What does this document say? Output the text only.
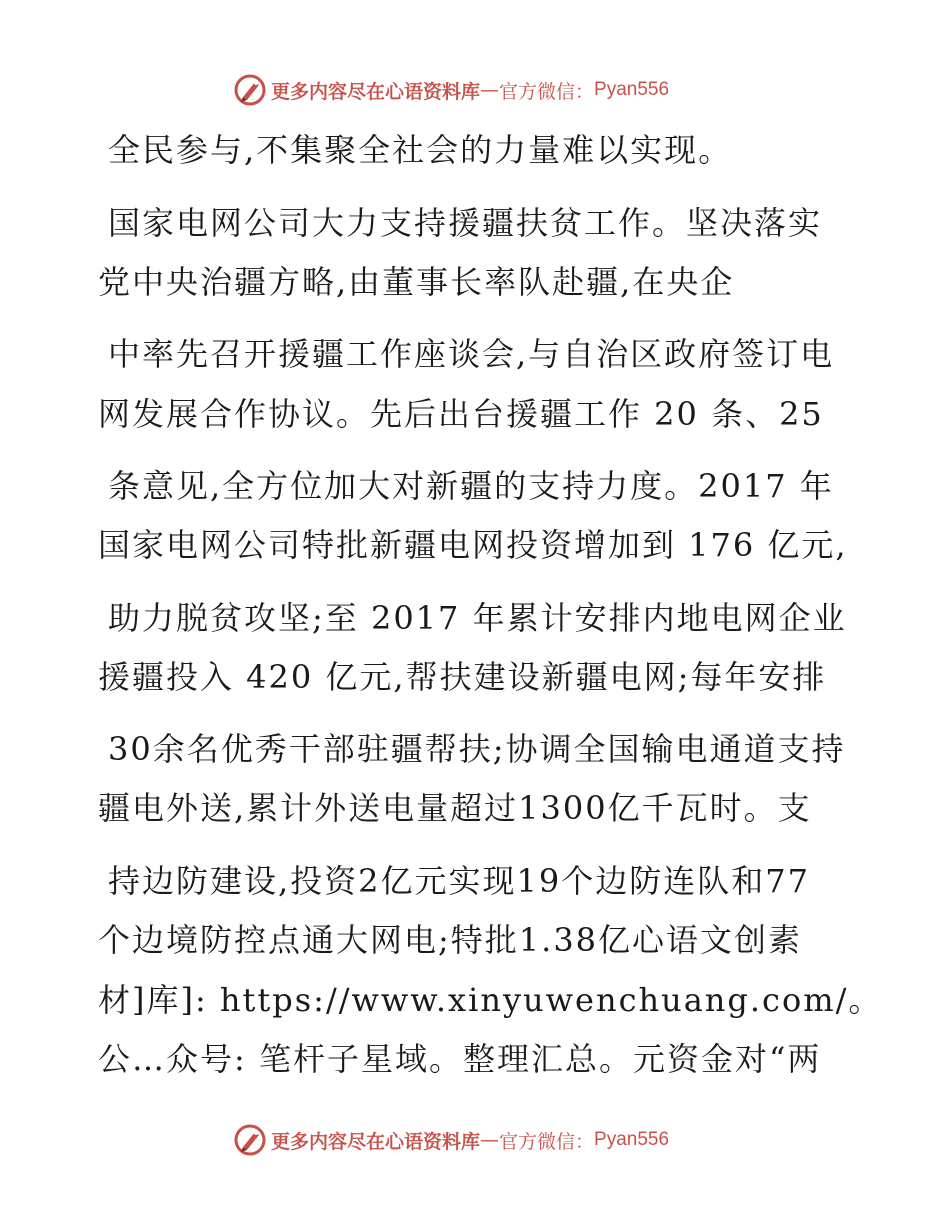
更多内容尽在心语资料库 — 官方微信： Pyan556
全民参与,不集聚全社会的力量难以实现。
国家电网公司大力支持援疆扶贫工作。坚决落实
党中央治疆方略,由董事长率队赴疆,在央企
中率先召开援疆工作座谈会,与自治区政府签订电
网发展合作协议。先后出台援疆工作 20 条、25
条意见,全方位加大对新疆的支持力度。2017 年
国家电网公司特批新疆电网投资增加到 176 亿元,
助力脱贫攻坚;至 2017 年累计安排内地电网企业
援疆投入 420 亿元,帮扶建设新疆电网;每年安排
30余名优秀干部驻疆帮扶;协调全国输电通道支持
疆电外送,累计外送电量超过1300亿千瓦时。支
持边防建设,投资2亿元实现19个边防连队和77
个边境防控点通大网电;特批1.38亿心语文创素
材]库]: https://www.xinyuwenchuang.com/。
公…众号: 笔杆子星域。整理汇总。元资金对“两
更多内容尽在心语资料库 — 官方微信： Pyan556
